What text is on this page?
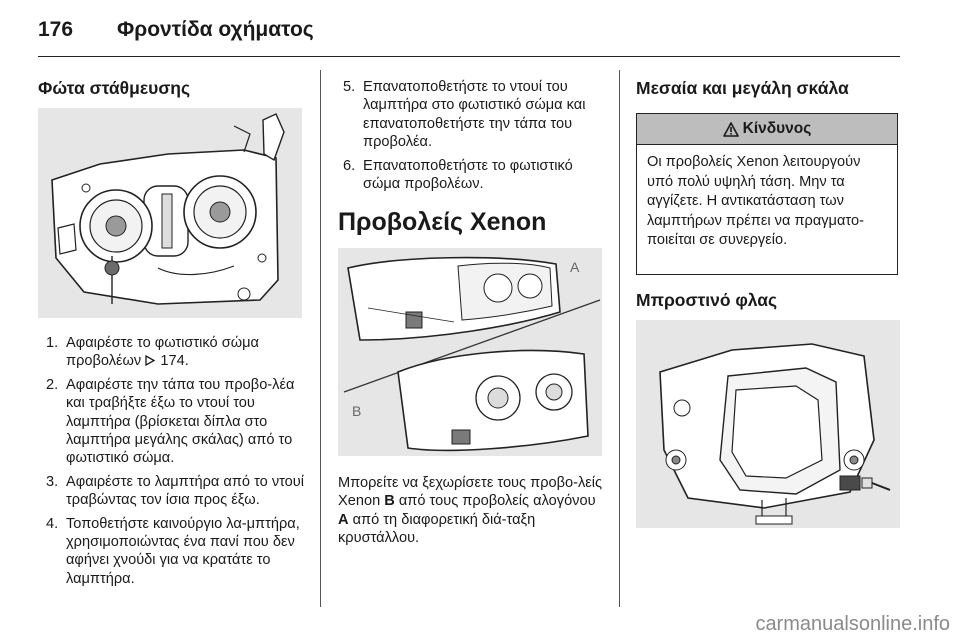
176 Φροντίδα οχήματος
Φώτα στάθμευσης
1. Αφαιρέστε το φωτιστικό σώμα προβολέων 174.
2. Αφαιρέστε την τάπα του προβο-λέα και τραβήξτε έξω το ντουί του λαμπτήρα (βρίσκεται δίπλα στο λαμπτήρα μεγάλης σκάλας) από το φωτιστικό σώμα.
3. Αφαιρέστε το λαμπτήρα από το ντουί τραβώντας τον ίσια προς έξω.
4. Τοποθετήστε καινούργιο λα-μπτήρα, χρησιμοποιώντας ένα πανί που δεν αφήνει χνούδι για να κρατάτε το λαμπτήρα.
5. Επανατοποθετήστε το ντουί του λαμπτήρα στο φωτιστικό σώμα και επανατοποθετήστε την τάπα του προβολέα.
6. Επανατοποθετήστε το φωτιστικό σώμα προβολέων.
Προβολείς Xenon
A
B
Μπορείτε να ξεχωρίσετε τους προβο-λείς Xenon B από τους προβολείς αλογόνου A από τη διαφορετική διά-ταξη κρυστάλλου.
Μεσαία και μεγάλη σκάλα
Κίνδυνος
Οι προβολείς Xenon λειτουργούν υπό πολύ υψηλή τάση. Μην τα αγγίζετε. Η αντικατάσταση των λαμπτήρων πρέπει να πραγματο-ποιείται σε συνεργείο.
Μπροστινό φλας
carmanualsonline.info
